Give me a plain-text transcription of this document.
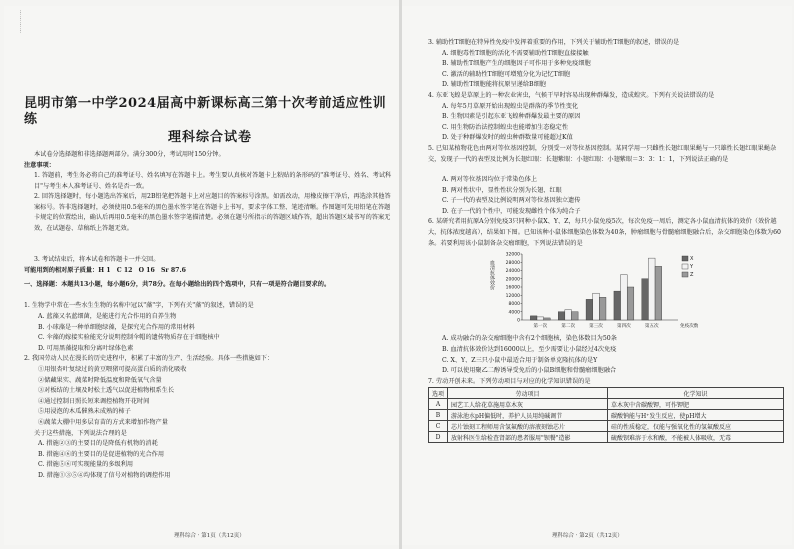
…………
昆明市第一中学2024届高中新课标高三第十次考前适应性训练
理科综合试卷
本试卷分选择题和非选择题两部分。满分300分，考试用时150分钟。
注意事项：
1. 答题前，考生务必将自己的准考证号、姓名填写在答题卡上。考生要认真核对答题卡上粘贴的条形码的"准考证号、姓名、考试科目"与考生本人准考证号、姓名是否一致。
2. 回答选择题时，每小题选出答案后，用2B铅笔把答题卡上对应题目的答案标号涂黑。如需改动，用橡皮擦干净后，再选涂其他答案标号。答非选择题时，必须使用0.5毫米的黑色墨水签字笔在答题卡上书写，要求字体工整、笔迹清晰。作图题可先用铅笔在答题卡规定的位置绘出，确认后再用0.5毫米的黑色墨水签字笔描清楚。必须在题号所指示的答题区域作答，超出答题区域书写的答案无效，在试题卷、草稿纸上答题无效。
3. 考试结束后，将本试卷和答题卡一并交回。
可能用到的相对原子质量：H 1　C 12　O 16　Sr 87.6
一、选择题：本题共13小题，每小题6分，共78分。在每小题给出的四个选项中，只有一项是符合题目要求的。
1. 生物学中常在一些水生生物的名称中冠以"藻"字，下列有关"藻"的叙述，错误的是
A. 蓝藻又名蓝细菌，是能进行光合作用的自养生物
B. 小球藻是一种单细胞绿藻，是探究光合作用的常用材料
C. 伞藻的嫁接实验能充分说明控制伞帽的遗传物质存在于细胞核中
D. 可用黑藻提取和分离叶绿体色素
2. 我国劳动人民在漫长的历史进程中，积累了丰富的生产、生活经验。具体一些措施如下：
①用银杏叶复绿过的黄豆喂猪可提高蛋白质的消化吸收
②储藏果实、蔬菜时降低温度和降低氧气含量
③对板结的土壤及时松土透气以促进植物根系生长
④通过控制日照长短来调控植物开花时间
⑤用浸泡的木瓜催熟未成熟的柿子
⑥蔬菜大棚中用多层育苗的方式来增加作物产量
关于这些措施，下列说法合理的是
A. 措施②③的主要目的是降低有机物的消耗
B. 措施④⑥的主要目的是促进植物的光合作用
C. 措施⑤⑥可实现能量的多级利用
D. 措施①③⑤④均体现了信号对植物的调控作用
理科综合 · 第1页（共12页）
3. 辅助性T细胞在特异性免疫中发挥着重要的作用，下列关于辅助性T细胞的叙述，错误的是
A. 细胞毒性T细胞的活化不需要辅助性T细胞直接接触
B. 辅助性T细胞产生的细胞因子可作用于多种免疫细胞
C. 激活的辅助性T细胞可增殖分化为记忆T细胞
D. 辅助性T细胞能将抗原呈递给B细胞
4. 东亚飞蝗是草原上的一种农业害虫，气候干旱时容易出现种群爆发，造成蝗灾。下列有关说法错误的是
A. 每年5月草原开始出现蝗虫是群落的季节性变化
B. 生物因素是引起东亚飞蝗种群爆发最主要的原因
C. 用生物防治法控制蝗虫也能增加生态稳定性
D. 处于种群爆发时的蝗虫种群数量可能超过K值
5. 已知某植物花色由两对等位基因控制，分别受一对等位基因控制。某同学用一只雌性长翅红眼果蝇与一只雄性长翅红眼果蝇杂交，发现子一代的表型及比例为长翅红眼：长翅紫眼：小翅红眼：小翅紫眼＝3：3：1：1，下列说法正确的是
A. 两对等位基因均位于常染色体上
B. 两对性状中，显性性状分别为长翅、红眼
C. 子一代的表型及比例说明两对等位基因独立遗传
D. 在子一代的个性中，可能发现雌性个体为纯合子
6. 某研究者用抗原A分别免疫3只同种小鼠X、Y、Z，每只小鼠免疫5次，每次免疫一周后，测定各小鼠血清抗体的效价（效价越大，抗体浓度越高），结果如下图。已知该种小鼠体细胞染色体数为40条，肿瘤细胞与骨髓瘤细胞融合后，杂交细胞染色体数为60条。若要利用该小鼠制备杂交瘤细胞，下列说法错误的是
血清抗体效价
0
4000
8000
12000
16000
20000
24000
28000
32000
第一次	第二次	第三次	第四次	第五次	免疫次数
X
Y
Z
A. 成功融合的杂交瘤细胞中含有2个细胞核，染色体数目为50条
B. 血清抗体效价达到16000以上，至少需要让小鼠经过4次免疫
C. X、Y、Z三只小鼠中最适合用于制备单克隆抗体的是Y
D. 可以使用聚乙二醇诱导受免后的小鼠B细胞和骨髓瘤细胞融合
7. 劳动开创未来。下列劳动项目与对应的化学知识错误的是
选项	劳动项目	化学知识
A	园艺工人给花草施用草木灰	草木灰中含碳酸钾，可作钾肥
B	游泳池水pH偏低时，养护人员用纯碱调节	碳酸钠能与H⁺发生反应，使pH增大
C	芯片蚀刻工程师用含氢氟酸的溶液刻蚀芯片	硅的性质稳定，仅能与强氧化性的氢氟酸反应
D	放射科医生给检查肾部的患者服用"钡餐"造影	硫酸钡难溶于水和酸，不能被人体吸收，无毒
理科综合 · 第2页（共12页）
